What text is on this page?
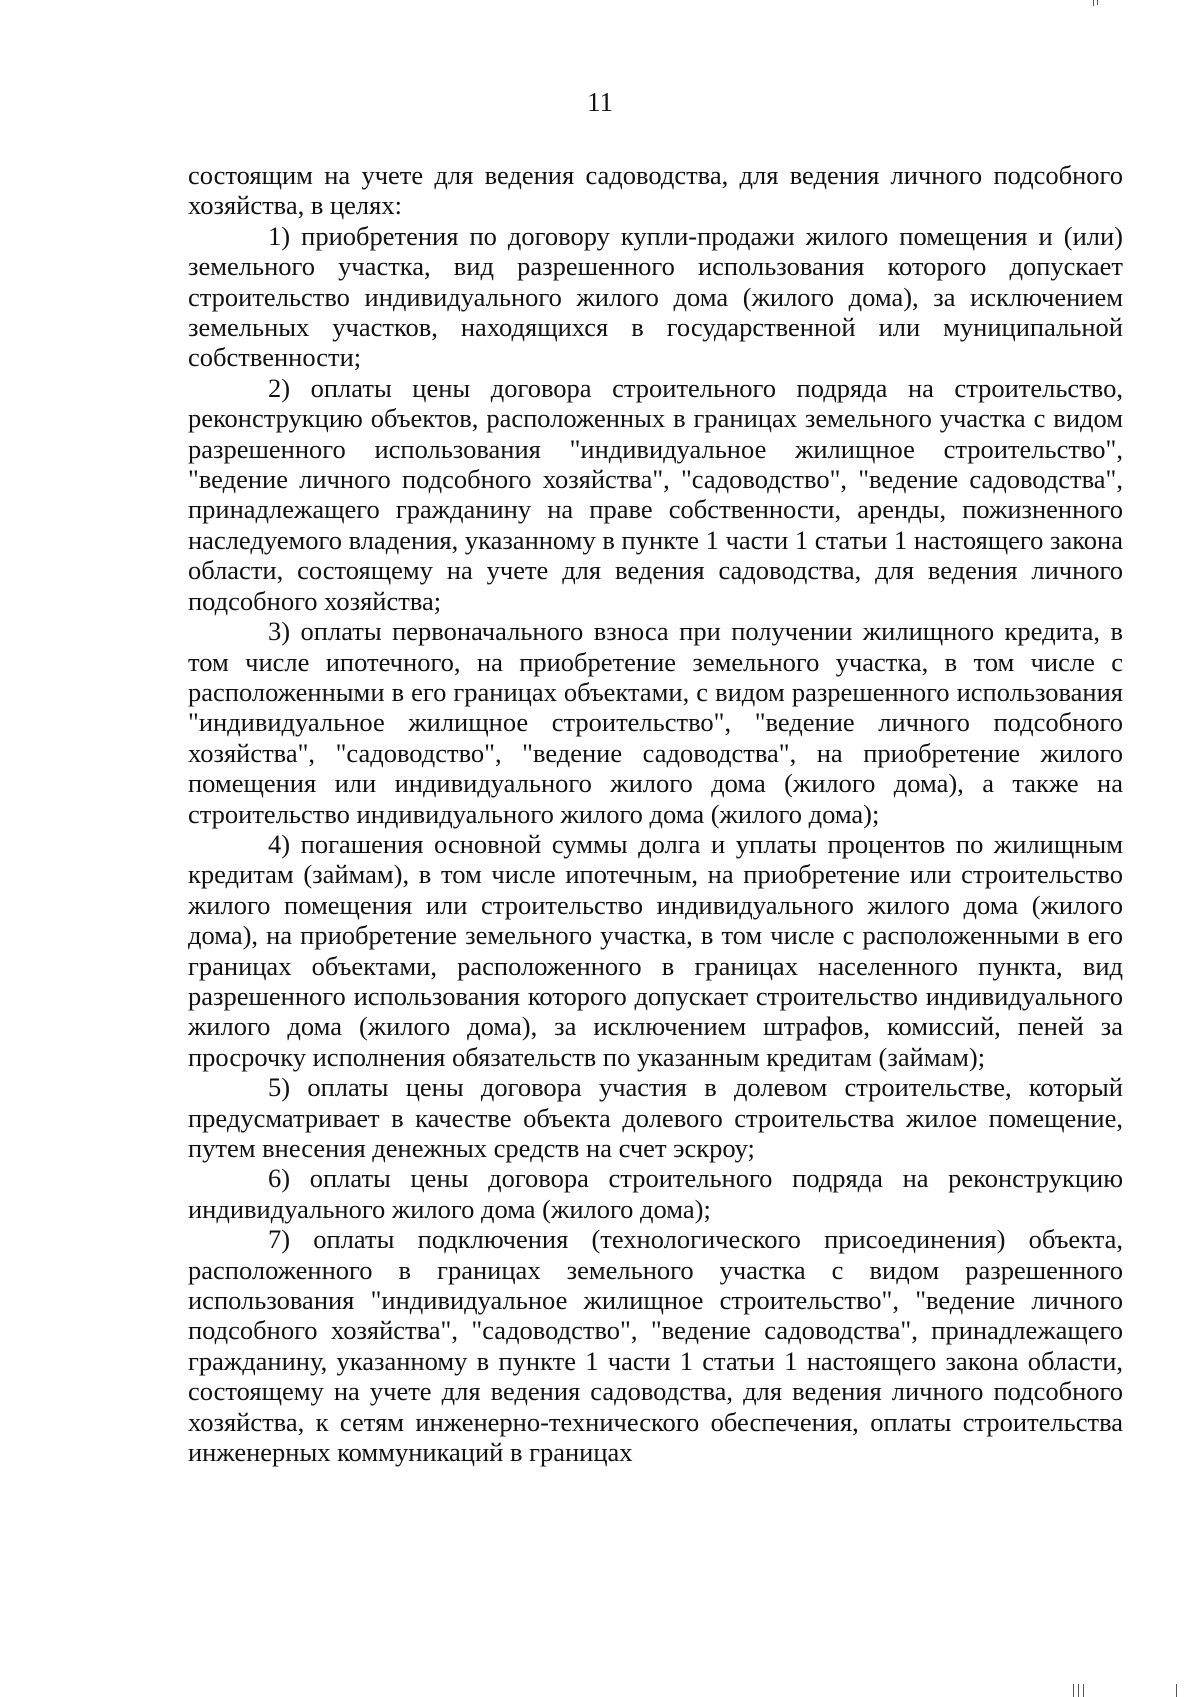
11

состоящим на учете для ведения садоводства, для ведения личного подсобного хозяйства, в целях:

1) приобретения по договору купли-продажи жилого помещения и (или) земельного участка, вид разрешенного использования которого допускает строительство индивидуального жилого дома (жилого дома), за исключением земельных участков, находящихся в государственной или муниципальной собственности;

2) оплаты цены договора строительного подряда на строительство, реконструкцию объектов, расположенных в границах земельного участка с видом разрешенного использования "индивидуальное жилищное строительство", "ведение личного подсобного хозяйства", "садоводство", "ведение садоводства", принадлежащего гражданину на праве собственности, аренды, пожизненного наследуемого владения, указанному в пункте 1 части 1 статьи 1 настоящего закона области, состоящему на учете для ведения садоводства, для ведения личного подсобного хозяйства;

3) оплаты первоначального взноса при получении жилищного кредита, в том числе ипотечного, на приобретение земельного участка, в том числе с расположенными в его границах объектами, с видом разрешенного использования "индивидуальное жилищное строительство", "ведение личного подсобного хозяйства", "садоводство", "ведение садоводства", на приобретение жилого помещения или индивидуального жилого дома (жилого дома), а также на строительство индивидуального жилого дома (жилого дома);

4) погашения основной суммы долга и уплаты процентов по жилищным кредитам (займам), в том числе ипотечным, на приобретение или строительство жилого помещения или строительство индивидуального жилого дома (жилого дома), на приобретение земельного участка, в том числе с расположенными в его границах объектами, расположенного в границах населенного пункта, вид разрешенного использования которого допускает строительство индивидуального жилого дома (жилого дома), за исключением штрафов, комиссий, пеней за просрочку исполнения обязательств по указанным кредитам (займам);

5) оплаты цены договора участия в долевом строительстве, который предусматривает в качестве объекта долевого строительства жилое помещение, путем внесения денежных средств на счет эскроу;

6) оплаты цены договора строительного подряда на реконструкцию индивидуального жилого дома (жилого дома);

7) оплаты подключения (технологического присоединения) объекта, расположенного в границах земельного участка с видом разрешенного использования "индивидуальное жилищное строительство", "ведение личного подсобного хозяйства", "садоводство", "ведение садоводства", принадлежащего гражданину, указанному в пункте 1 части 1 статьи 1 настоящего закона области, состоящему на учете для ведения садоводства, для ведения личного подсобного хозяйства, к сетям инженерно-технического обеспечения, оплаты строительства инженерных коммуникаций в границах
